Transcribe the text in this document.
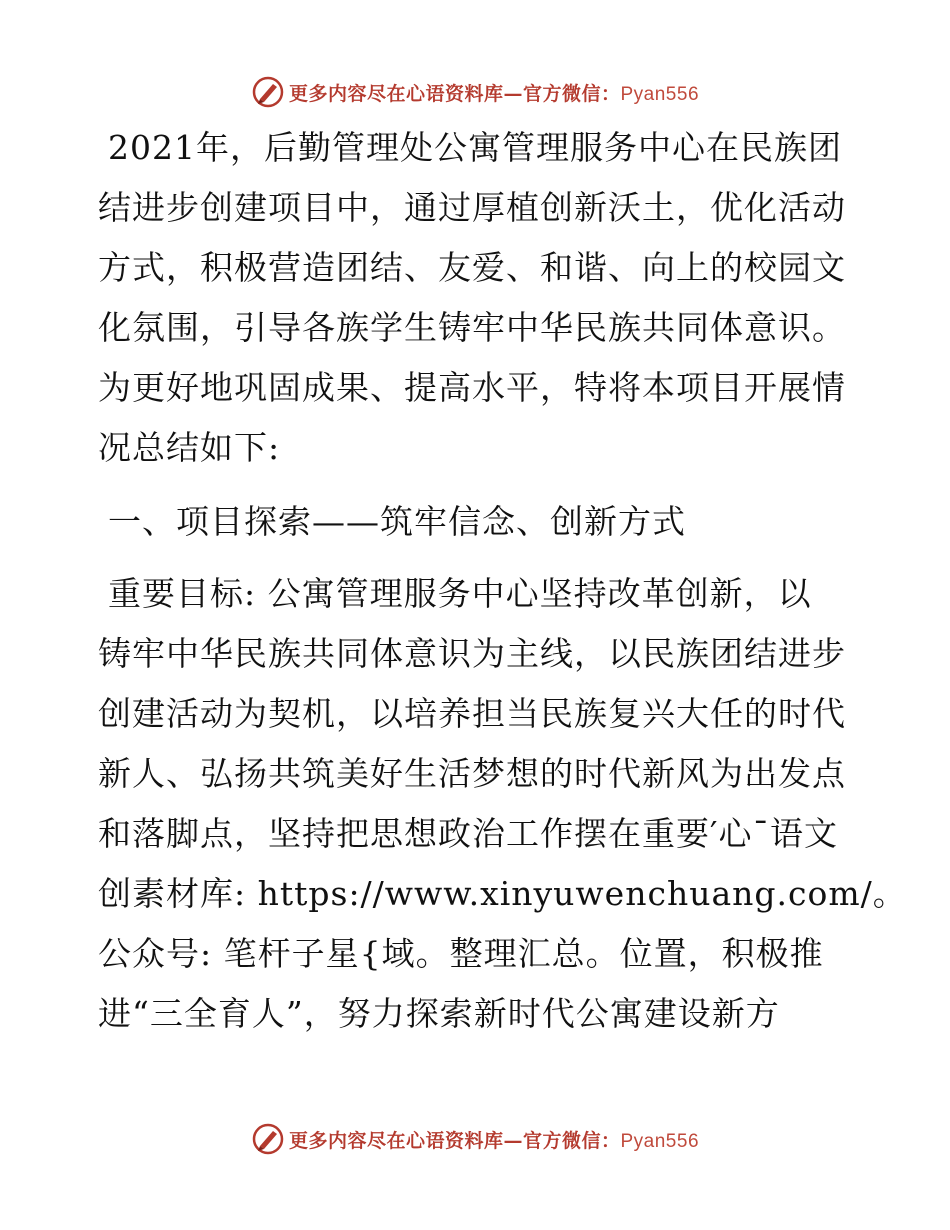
更多内容尽在心语资料库—官方微信：Pyan556
2021年，后勤管理处公寓管理服务中心在民族团
结进步创建项目中，通过厚植创新沃土，优化活动
方式，积极营造团结、友爱、和谐、向上的校园文
化氛围，引导各族学生铸牢中华民族共同体意识。
为更好地巩固成果、提高水平，特将本项目开展情
况总结如下:
一、项目探索——筑牢信念、创新方式
重要目标: 公寓管理服务中心坚持改革创新，以
铸牢中华民族共同体意识为主线，以民族团结进步
创建活动为契机，以培养担当民族复兴大任的时代
新人、弘扬共筑美好生活梦想的时代新风为出发点
和落脚点，坚持把思想政治工作摆在重要′心¯语文
创素材库: https://www.xinyuwenchuang.com/。
公众号: 笔杆子星{域。整理汇总。位置，积极推
进“三全育人”，努力探索新时代公寓建设新方
更多内容尽在心语资料库—官方微信：Pyan556
